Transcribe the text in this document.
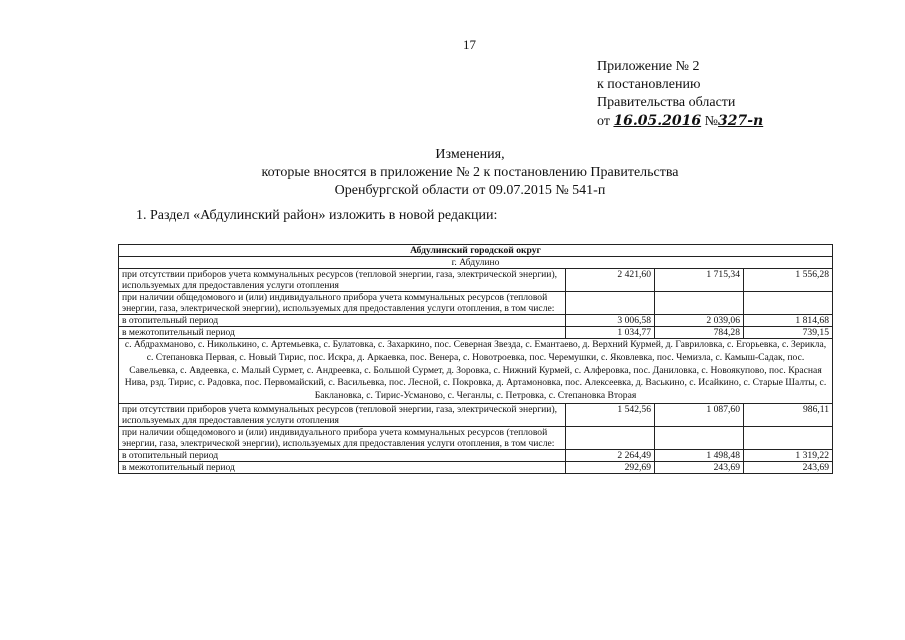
17
Приложение № 2
к постановлению
Правительства области
от 16.05.2016 №327-п
Изменения,
которые вносятся в приложение № 2 к постановлению Правительства
Оренбургской области от 09.07.2015 № 541-п
1. Раздел «Абдулинский район» изложить в новой редакции:
Абдулинский городской округ			
г. Абдулино			
при отсутствии приборов учета коммунальных ресурсов (тепловой энергии, газа, электрической энергии), используемых для предоставления услуги отопления	2 421,60	1 715,34	1 556,28
при наличии общедомового и (или) индивидуального прибора учета коммунальных ресурсов (тепловой энергии, газа, электрической энергии), используемых для предоставления услуги отопления, в том числе:			
в отопительный период	3 006,58	2 039,06	1 814,68
в межотопительный период	1 034,77	784,28	739,15
с. Абдрахманово, с. Николькино, с. Артемьевка, с. Булатовка, с. Захаркино, пос. Северная Звезда, с. Емантаево, д. Верхний Курмей, д. Гавриловка, с. Егорьевка, с. Зерикла, с. Степановка Первая, с. Новый Тирис, пос. Искра, д. Аркаевка, пос. Венера, с. Новотроевка, пос. Черемушки, с. Яковлевка, пос. Чемизла, с. Камыш-Садак, пос. Савельевка, с. Авдеевка, с. Малый Сурмет, с. Андреевка, с. Большой Сурмет, д. Зоровка, с. Нижний Курмей, с. Алферовка, пос. Даниловка, с. Новоякупово, пос. Красная Нива, рзд. Тирис, с. Радовка, пос. Первомайский, с. Васильевка, пос. Лесной, с. Покровка, д. Артамоновка, пос. Алексеевка, д. Васькино, с. Исайкино, с. Старые Шалты, с. Баклановка, с. Тирис-Усманово, с. Чеганлы, с. Петровка, с. Степановка Вторая			
при отсутствии приборов учета коммунальных ресурсов (тепловой энергии, газа, электрической энергии), используемых для предоставления услуги отопления	1 542,56	1 087,60	986,11
при наличии общедомового и (или) индивидуального прибора учета коммунальных ресурсов (тепловой энергии, газа, электрической энергии), используемых для предоставления услуги отопления, в том числе:			
в отопительный период	2 264,49	1 498,48	1 319,22
в межотопительный период	292,69	243,69	243,69
